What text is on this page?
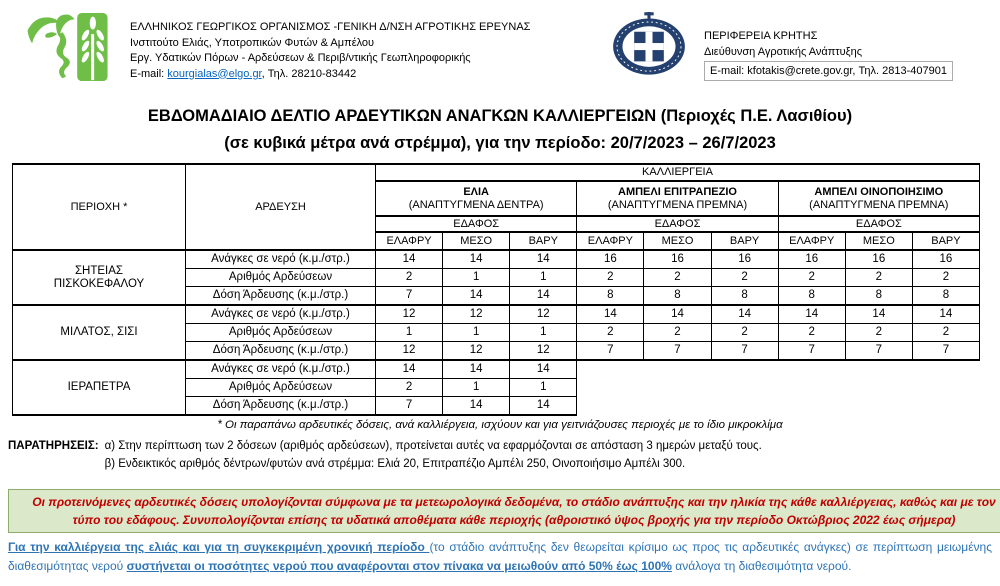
ΕΛΛΗΝΙΚΟΣ ΓΕΩΡΓΙΚΟΣ ΟΡΓΑΝΙΣΜΟΣ -ΓΕΝΙΚΗ Δ/ΝΣΗ ΑΓΡΟΤΙΚΗΣ ΕΡΕΥΝΑΣ
Ινστιτούτο Ελιάς, Υποτροπικών Φυτών & Αμπέλου
Εργ. Υδατικών Πόρων - Αρδεύσεων & Περιβ/ντικής Γεωπληροφορικής
E-mail: kourgialas@elgo.gr, Τηλ. 28210-83442
ΠΕΡΙΦΕΡΕΙΑ ΚΡΗΤΗΣ
Διεύθυνση Αγροτικής Ανάπτυξης
E-mail: kfotakis@crete.gov.gr, Τηλ. 2813-407901
ΕΒΔΟΜΑΔΙΑΙΟ ΔΕΛΤΙΟ ΑΡΔΕΥΤΙΚΩΝ ΑΝΑΓΚΩΝ ΚΑΛΛΙΕΡΓΕΙΩΝ (Περιοχές Π.Ε. Λασιθίου)
(σε κυβικά μέτρα ανά στρέμμα), για την περίοδο: 20/7/2023 – 26/7/2023
ΠΕΡΙΟΧΗ *	ΑΡΔΕΥΣΗ	ΚΑΛΛΙΕΡΓΕΙΑ								

ΕΛΙΑ
(ΑΝΑΠΤΥΓΜΕΝΑ ΔΕΝΤΡΑ)

ΑΜΠΕΛΙ ΕΠΙΤΡΑΠΕΖΙΟ
(ΑΝΑΠΤΥΓΜΕΝΑ ΠΡΕΜΝΑ)

ΑΜΠΕΛΙ ΟΙΝΟΠΟΙΗΣΙΜΟ
(ΑΝΑΠΤΥΓΜΕΝΑ ΠΡΕΜΝΑ)

		ΕΔΑΦΟΣ			ΕΔΑΦΟΣ			ΕΔΑΦΟΣ		
		ΕΛΑΦΡΥ	ΜΕΣΟ	ΒΑΡΥ	ΕΛΑΦΡΥ	ΜΕΣΟ	ΒΑΡΥ	ΕΛΑΦΡΥ	ΜΕΣΟ	ΒΑΡΥ

ΣΗΤΕΙΑΣ
ΠΙΣΚΟΚΕΦΑΛΟΥ	Ανάγκες σε νερό (κ.μ./στρ.)	14	14	14	16	16	16	16	16	16
	Αριθμός Αρδεύσεων	2	1	1	2	2	2	2	2	2
	Δόση Άρδευσης (κ.μ./στρ.)	7	14	14	8	8	8	8	8	8

ΜΙΛΑΤΟΣ, ΣΙΣΙ	Ανάγκες σε νερό (κ.μ./στρ.)	12	12	12	14	14	14	14	14	14
	Αριθμός Αρδεύσεων	1	1	1	2	2	2	2	2	2
	Δόση Άρδευσης (κ.μ./στρ.)	12	12	12	7	7	7	7	7	7

ΙΕΡΑΠΕΤΡΑ	Ανάγκες σε νερό (κ.μ./στρ.)	14	14	14						
	Αριθμός Αρδεύσεων	2	1	1						
	Δόση Άρδευσης (κ.μ./στρ.)	7	14	14						
* Οι παραπάνω αρδευτικές δόσεις, ανά καλλιέργεια, ισχύουν και για γειτνιάζουσες περιοχές με το ίδιο μικροκλίμα
ΠΑΡΑΤΗΡΗΣΕΙΣ: α) Στην περίπτωση των 2 δόσεων (αριθμός αρδεύσεων), προτείνεται αυτές να εφαρμόζονται σε απόσταση 3 ημερών μεταξύ τους.
β) Ενδεικτικός αριθμός δέντρων/φυτών ανά στρέμμα: Ελιά 20, Επιτραπέζιο Αμπέλι 250, Οινοποιήσιμο Αμπέλι 300.
Οι προτεινόμενες αρδευτικές δόσεις υπολογίζονται σύμφωνα με τα μετεωρολογικά δεδομένα, το στάδιο ανάπτυξης και την ηλικία της κάθε καλλιέργειας, καθώς και με τον τύπο του εδάφους. Συνυπολογίζονται επίσης τα υδατικά αποθέματα κάθε περιοχής (αθροιστικό ύψος βροχής για την περίοδο Οκτώβριος 2022 έως σήμερα)
Για την καλλιέργεια της ελιάς και για τη συγκεκριμένη χρονική περίοδο (το στάδιο ανάπτυξης δεν θεωρείται κρίσιμο ως προς τις αρδευτικές ανάγκες) σε περίπτωση μειωμένης διαθεσιμότητας νερού συστήνεται οι ποσότητες νερού που αναφέρονται στον πίνακα να μειωθούν από 50% έως 100% ανάλογα τη διαθεσιμότητα νερού.
